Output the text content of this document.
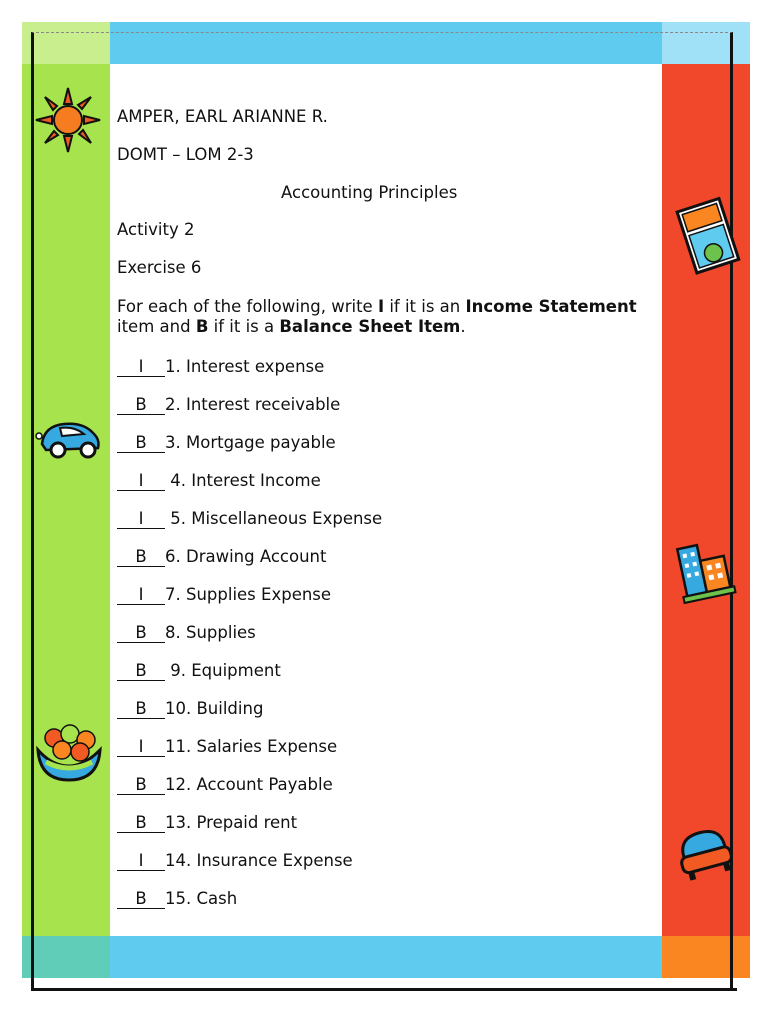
AMPER, EARL ARIANNE R.
DOMT – LOM 2-3
Accounting Principles
Activity 2
Exercise 6
For each of the following, write I if it is an Income Statement item and B if it is a Balance Sheet Item.
I 1. Interest expense
B 2. Interest receivable
B 3. Mortgage payable
I 4. Interest Income
I 5. Miscellaneous Expense
B 6. Drawing Account
I 7. Supplies Expense
B 8. Supplies
B 9. Equipment
B 10. Building
I 11. Salaries Expense
B 12. Account Payable
B 13. Prepaid rent
I 14. Insurance Expense
B 15. Cash
